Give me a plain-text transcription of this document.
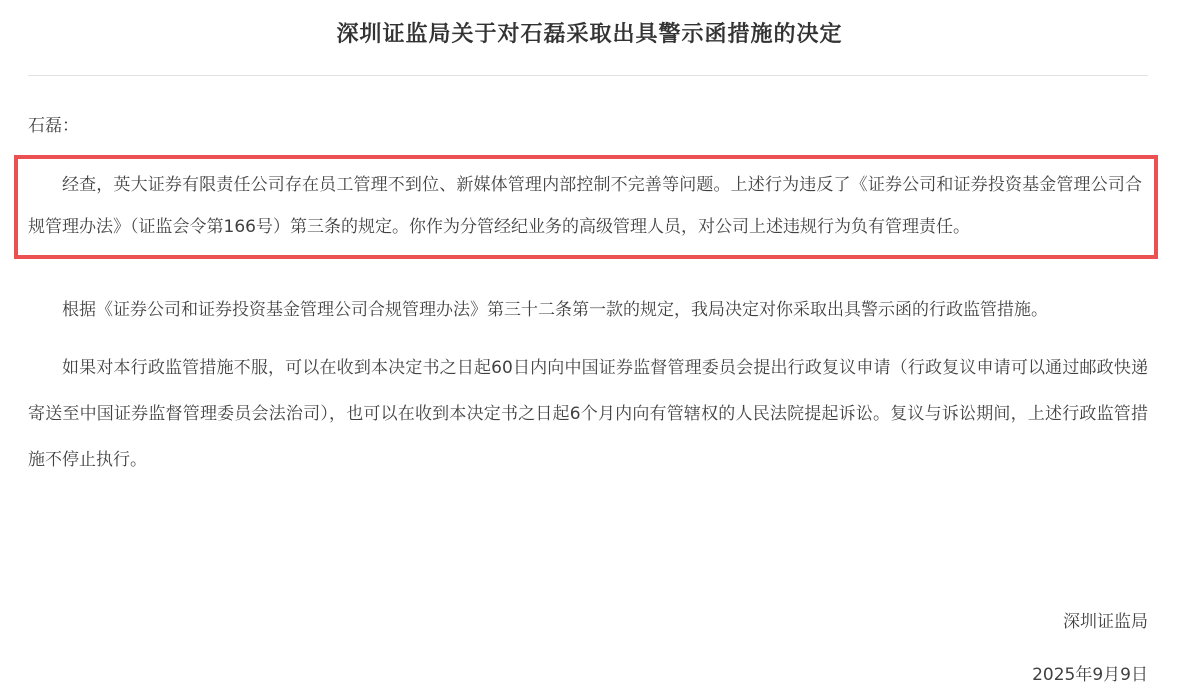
深圳证监局关于对石磊采取出具警示函措施的决定

石磊：

经查，英大证券有限责任公司存在员工管理不到位、新媒体管理内部控制不完善等问题。上述行为违反了《证券公司和证券投资基金管理公司合规管理办法》（证监会令第166号）第三条的规定。你作为分管经纪业务的高级管理人员，对公司上述违规行为负有管理责任。

根据《证券公司和证券投资基金管理公司合规管理办法》第三十二条第一款的规定，我局决定对你采取出具警示函的行政监管措施。

如果对本行政监管措施不服，可以在收到本决定书之日起60日内向中国证券监督管理委员会提出行政复议申请（行政复议申请可以通过邮政快递寄送至中国证券监督管理委员会法治司），也可以在收到本决定书之日起6个月内向有管辖权的人民法院提起诉讼。复议与诉讼期间，上述行政监管措施不停止执行。

深圳证监局

2025年9月9日
